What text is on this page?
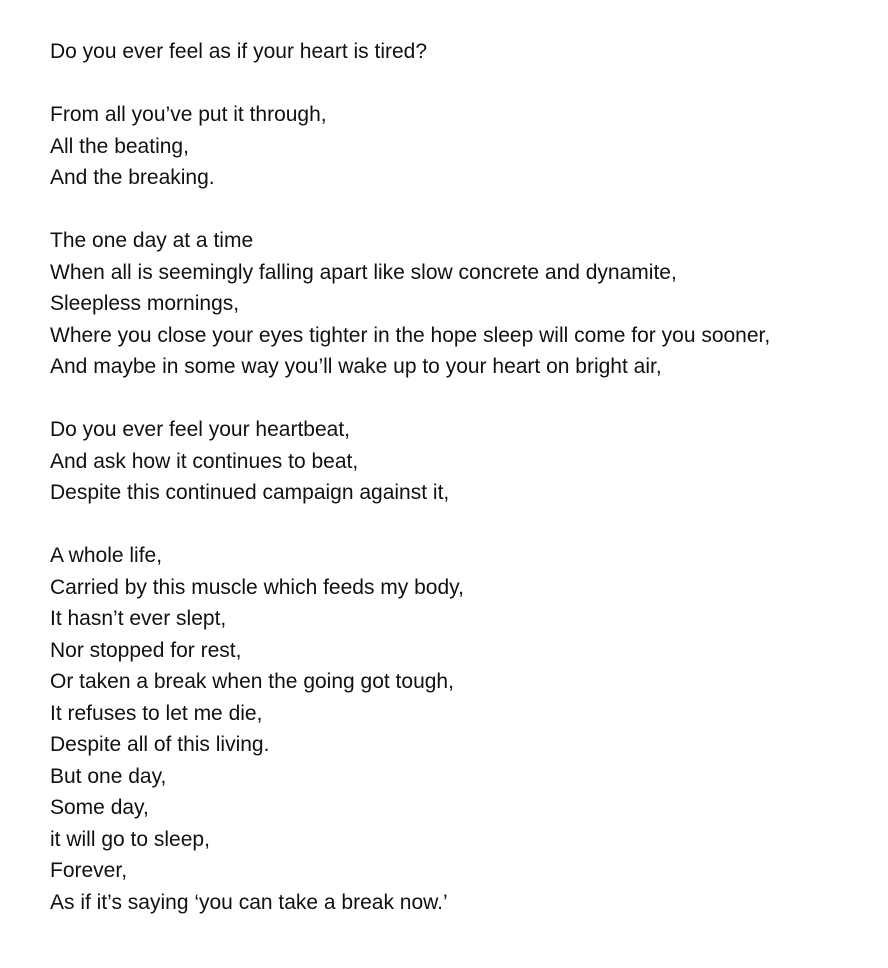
Do you ever feel as if your heart is tired?
From all you’ve put it through,
All the beating,
And the breaking.
The one day at a time
When all is seemingly falling apart like slow concrete and dynamite,
Sleepless mornings,
Where you close your eyes tighter in the hope sleep will come for you sooner,
And maybe in some way you’ll wake up to your heart on bright air,
Do you ever feel your heartbeat,
And ask how it continues to beat,
Despite this continued campaign against it,
A whole life,
Carried by this muscle which feeds my body,
It hasn’t ever slept,
Nor stopped for rest,
Or taken a break when the going got tough,
It refuses to let me die,
Despite all of this living.
But one day,
Some day,
it will go to sleep,
Forever,
As if it’s saying ‘you can take a break now.’
